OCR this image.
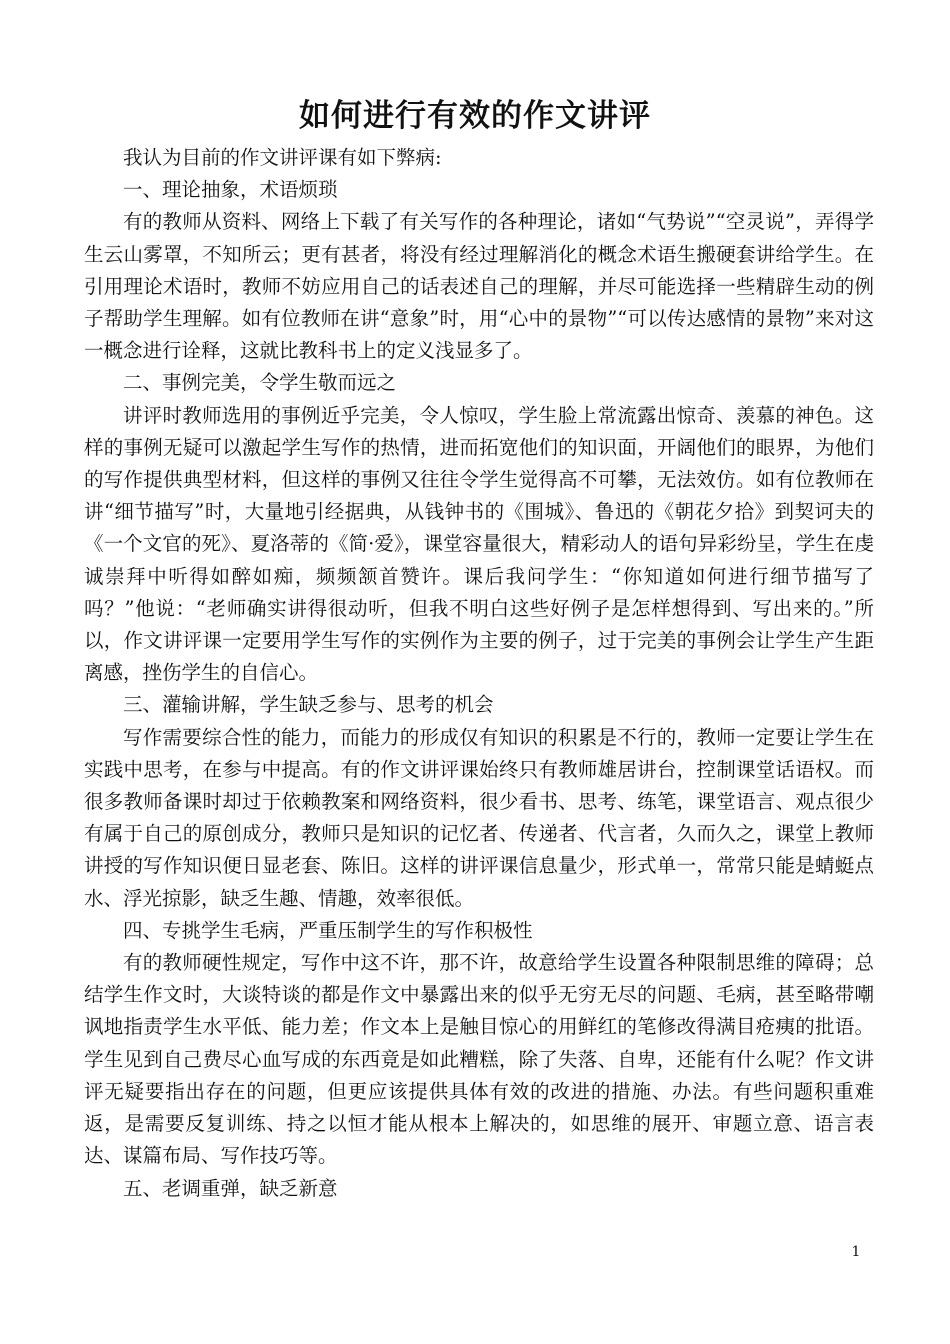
如何进行有效的作文讲评

我认为目前的作文讲评课有如下弊病:

一、理论抽象，术语烦琐

有的教师从资料、网络上下载了有关写作的各种理论，诸如“气势说”“空灵说”，弄得学生云山雾罩，不知所云；更有甚者，将没有经过理解消化的概念术语生搬硬套讲给学生。在引用理论术语时，教师不妨应用自己的话表述自己的理解，并尽可能选择一些精辟生动的例子帮助学生理解。如有位教师在讲“意象”时，用“心中的景物”“可以传达感情的景物”来对这一概念进行诠释，这就比教科书上的定义浅显多了。

二、事例完美，令学生敬而远之

讲评时教师选用的事例近乎完美，令人惊叹，学生脸上常流露出惊奇、羡慕的神色。这样的事例无疑可以激起学生写作的热情，进而拓宽他们的知识面，开阔他们的眼界，为他们的写作提供典型材料，但这样的事例又往往令学生觉得高不可攀，无法效仿。如有位教师在讲“细节描写”时，大量地引经据典，从钱钟书的《围城》、鲁迅的《朝花夕拾》到契诃夫的《一个文官的死》、夏洛蒂的《简·爱》，课堂容量很大，精彩动人的语句异彩纷呈，学生在虔诚崇拜中听得如醉如痴，频频颔首赞许。课后我问学生：“你知道如何进行细节描写了吗？”他说：“老师确实讲得很动听，但我不明白这些好例子是怎样想得到、写出来的。”所以，作文讲评课一定要用学生写作的实例作为主要的例子，过于完美的事例会让学生产生距离感，挫伤学生的自信心。

三、灌输讲解，学生缺乏参与、思考的机会

写作需要综合性的能力，而能力的形成仅有知识的积累是不行的，教师一定要让学生在实践中思考，在参与中提高。有的作文讲评课始终只有教师雄居讲台，控制课堂话语权。而很多教师备课时却过于依赖教案和网络资料，很少看书、思考、练笔，课堂语言、观点很少有属于自己的原创成分，教师只是知识的记忆者、传递者、代言者，久而久之，课堂上教师讲授的写作知识便日显老套、陈旧。这样的讲评课信息量少，形式单一，常常只能是蜻蜓点水、浮光掠影，缺乏生趣、情趣，效率很低。

四、专挑学生毛病，严重压制学生的写作积极性

有的教师硬性规定，写作中这不许，那不许，故意给学生设置各种限制思维的障碍；总结学生作文时，大谈特谈的都是作文中暴露出来的似乎无穷无尽的问题、毛病，甚至略带嘲讽地指责学生水平低、能力差；作文本上是触目惊心的用鲜红的笔修改得满目疮痍的批语。学生见到自己费尽心血写成的东西竟是如此糟糕，除了失落、自卑，还能有什么呢？作文讲评无疑要指出存在的问题，但更应该提供具体有效的改进的措施、办法。有些问题积重难返，是需要反复训练、持之以恒才能从根本上解决的，如思维的展开、审题立意、语言表达、谋篇布局、写作技巧等。

五、老调重弹，缺乏新意

1
